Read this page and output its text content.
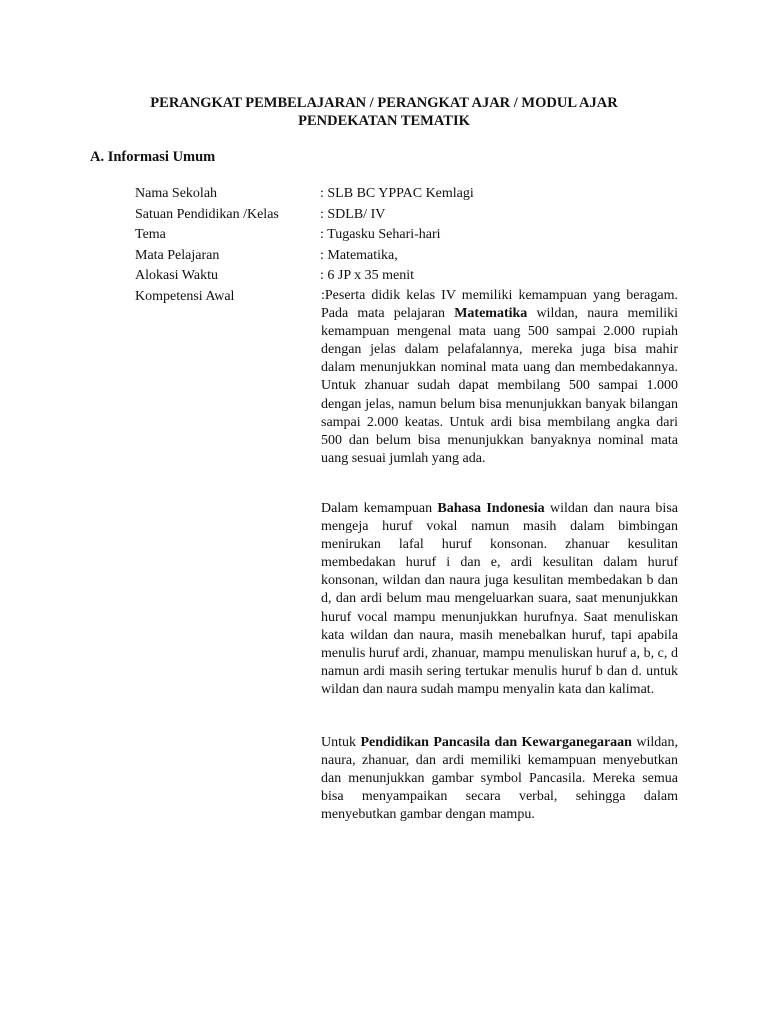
PERANGKAT PEMBELAJARAN / PERANGKAT AJAR / MODUL AJAR
PENDEKATAN TEMATIK
A. Informasi Umum
Nama Sekolah	: SLB BC YPPAC Kemlagi
Satuan Pendidikan /Kelas	: SDLB/ IV
Tema	: Tugasku Sehari-hari
Mata Pelajaran	: Matematika,
Alokasi Waktu	: 6 JP x 35 menit
Kompetensi Awal	:Peserta didik kelas IV memiliki kemampuan yang beragam. Pada mata pelajaran Matematika wildan, naura memiliki kemampuan mengenal mata uang 500 sampai 2.000 rupiah dengan jelas dalam pelafalannya, mereka juga bisa mahir dalam menunjukkan nominal mata uang dan membedakannya. Untuk zhanuar sudah dapat membilang 500 sampai 1.000 dengan jelas, namun belum bisa menunjukkan banyak bilangan sampai 2.000 keatas. Untuk ardi bisa membilang angka dari 500 dan belum bisa menunjukkan banyaknya nominal mata uang sesuai jumlah yang ada.
Dalam kemampuan Bahasa Indonesia wildan dan naura bisa mengeja huruf vokal namun masih dalam bimbingan menirukan lafal huruf konsonan. zhanuar kesulitan membedakan huruf i dan e, ardi kesulitan dalam huruf konsonan, wildan dan naura juga kesulitan membedakan b dan d, dan ardi belum mau mengeluarkan suara, saat menunjukkan huruf vocal mampu menunjukkan hurufnya. Saat menuliskan kata wildan dan naura, masih menebalkan huruf, tapi apabila menulis huruf ardi, zhanuar, mampu menuliskan huruf a, b, c, d namun ardi masih sering tertukar menulis huruf b dan d. untuk wildan dan naura sudah mampu menyalin kata dan kalimat.
Untuk Pendidikan Pancasila dan Kewarganegaraan wildan, naura, zhanuar, dan ardi memiliki kemampuan menyebutkan dan menunjukkan gambar symbol Pancasila. Mereka semua bisa menyampaikan secara verbal, sehingga dalam menyebutkan gambar dengan mampu.
